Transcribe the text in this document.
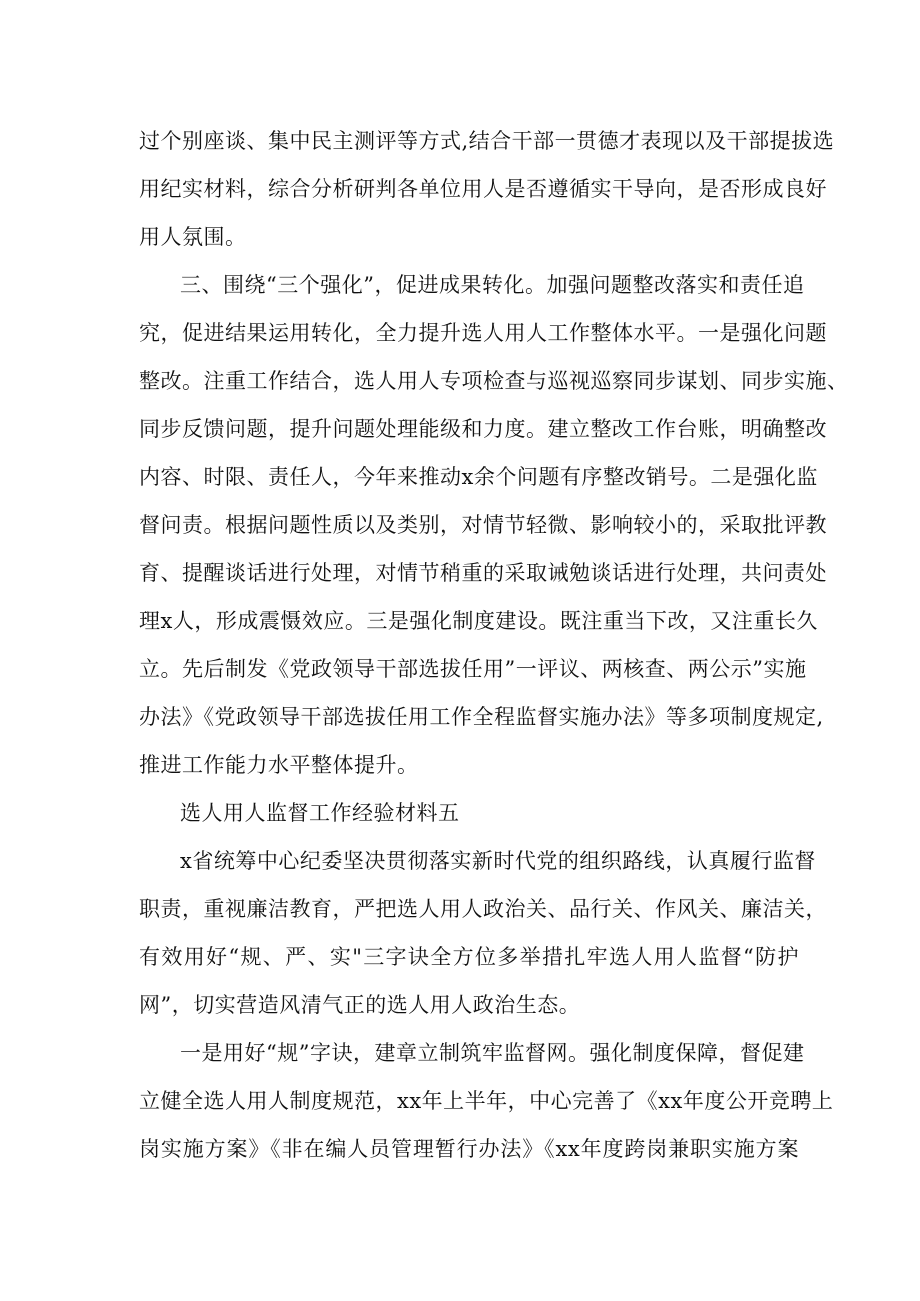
过个别座谈、集中民主测评等方式,结合干部一贯德才表现以及干部提拔选
用纪实材料，综合分析研判各单位用人是否遵循实干导向，是否形成良好
用人氛围。
三、围绕“三个强化”，促进成果转化。加强问题整改落实和责任追
究，促进结果运用转化，全力提升选人用人工作整体水平。一是强化问题
整改。注重工作结合，选人用人专项检查与巡视巡察同步谋划、同步实施、
同步反馈问题，提升问题处理能级和力度。建立整改工作台账，明确整改
内容、时限、责任人，今年来推动x余个问题有序整改销号。二是强化监
督问责。根据问题性质以及类别，对情节轻微、影响较小的，采取批评教
育、提醒谈话进行处理，对情节稍重的采取诫勉谈话进行处理，共问责处
理x人，形成震慑效应。三是强化制度建设。既注重当下改，又注重长久
立。先后制发《党政领导干部选拔任用”一评议、两核查、两公示”实施
办法》《党政领导干部选拔任用工作全程监督实施办法》等多项制度规定,
推进工作能力水平整体提升。
选人用人监督工作经验材料五
x省统筹中心纪委坚决贯彻落实新时代党的组织路线，认真履行监督
职责，重视廉洁教育，严把选人用人政治关、品行关、作风关、廉洁关，
有效用好“规、严、实"三字诀全方位多举措扎牢选人用人监督“防护
网”，切实营造风清气正的选人用人政治生态。
一是用好“规”字诀，建章立制筑牢监督网。强化制度保障，督促建
立健全选人用人制度规范，xx年上半年，中心完善了《xx年度公开竞聘上
岗实施方案》《非在编人员管理暂行办法》《xx年度跨岗兼职实施方案
